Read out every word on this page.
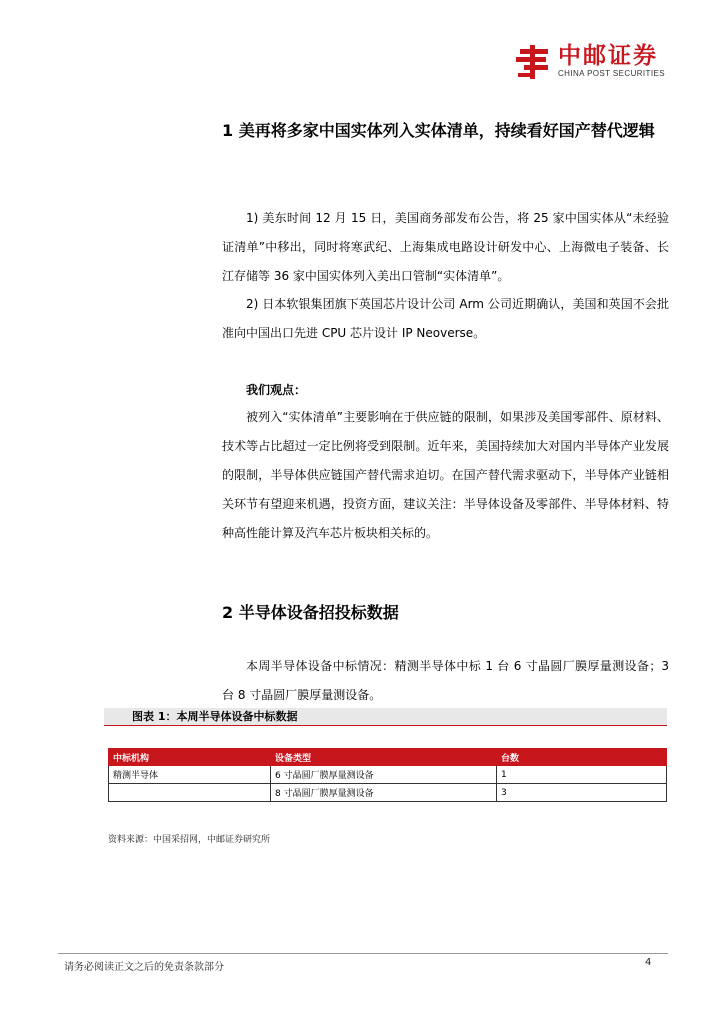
中邮证券
CHINA POST SECURITIES
1 美再将多家中国实体列入实体清单，持续看好国产替代逻辑

1) 美东时间 12 月 15 日，美国商务部发布公告，将 25 家中国实体从“未经验证清单”中移出，同时将寒武纪、上海集成电路设计研发中心、上海微电子装备、长江存储等 36 家中国实体列入美出口管制“实体清单”。

2) 日本软银集团旗下英国芯片设计公司 Arm 公司近期确认，美国和英国不会批准向中国出口先进 CPU 芯片设计 IP Neoverse。

我们观点：

被列入“实体清单”主要影响在于供应链的限制，如果涉及美国零部件、原材料、技术等占比超过一定比例将受到限制。近年来，美国持续加大对国内半导体产业发展的限制，半导体供应链国产替代需求迫切。在国产替代需求驱动下，半导体产业链相关环节有望迎来机遇，投资方面，建议关注：半导体设备及零部件、半导体材料、特种高性能计算及汽车芯片板块相关标的。

2 半导体设备招投标数据

本周半导体设备中标情况：精测半导体中标 1 台 6 寸晶圆厂膜厚量测设备；3 台 8 寸晶圆厂膜厚量测设备。

图表 1：本周半导体设备中标数据
中标机构	设备类型	台数
精测半导体	6 寸晶圆厂膜厚量测设备	1
	8 寸晶圆厂膜厚量测设备	3
资料来源：中国采招网，中邮证券研究所
请务必阅读正文之后的免责条款部分	4
